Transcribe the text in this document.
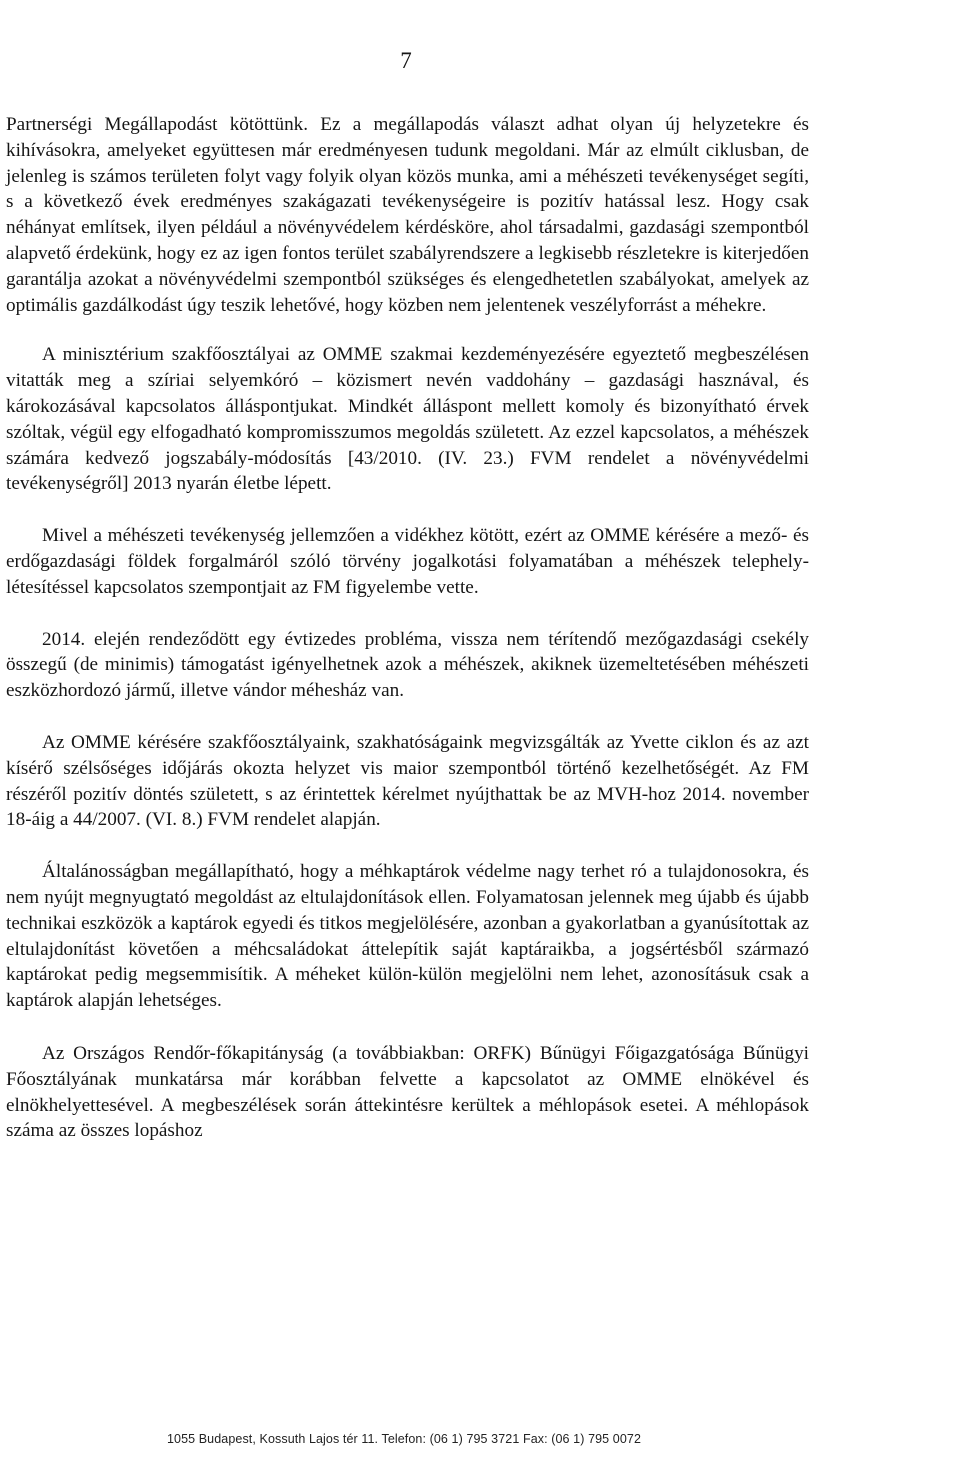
7

Partnerségi Megállapodást kötöttünk. Ez a megállapodás választ adhat olyan új helyzetekre és kihívásokra, amelyeket együttesen már eredményesen tudunk megoldani. Már az elmúlt ciklusban, de jelenleg is számos területen folyt vagy folyik olyan közös munka, ami a méhészeti tevékenységet segíti, s a következő évek eredményes szakágazati tevékenységeire is pozitív hatással lesz. Hogy csak néhányat említsek, ilyen például a növényvédelem kérdésköre, ahol társadalmi, gazdasági szempontból alapvető érdekünk, hogy ez az igen fontos terület szabályrendszere a legkisebb részletekre is kiterjedően garantálja azokat a növényvédelmi szempontból szükséges és elengedhetetlen szabályokat, amelyek az optimális gazdálkodást úgy teszik lehetővé, hogy közben nem jelentenek veszélyforrást a méhekre.

A minisztérium szakfőosztályai az OMME szakmai kezdeményezésére egyeztető megbeszélésen vitatták meg a szíriai selyemkóró – közismert nevén vaddohány – gazdasági hasznával, és károkozásával kapcsolatos álláspontjukat. Mindkét álláspont mellett komoly és bizonyítható érvek szóltak, végül egy elfogadható kompromisszumos megoldás született. Az ezzel kapcsolatos, a méhészek számára kedvező jogszabály-módosítás [43/2010. (IV. 23.) FVM rendelet a növényvédelmi tevékenységről] 2013 nyarán életbe lépett.

Mivel a méhészeti tevékenység jellemzően a vidékhez kötött, ezért az OMME kérésére a mező- és erdőgazdasági földek forgalmáról szóló törvény jogalkotási folyamatában a méhészek telephely-létesítéssel kapcsolatos szempontjait az FM figyelembe vette.

2014. elején rendeződött egy évtizedes probléma, vissza nem térítendő mezőgazdasági csekély összegű (de minimis) támogatást igényelhetnek azok a méhészek, akiknek üzemeltetésében méhészeti eszközhordozó jármű, illetve vándor méhesház van.

Az OMME kérésére szakfőosztályaink, szakhatóságaink megvizsgálták az Yvette ciklon és az azt kísérő szélsőséges időjárás okozta helyzet vis maior szempontból történő kezelhetőségét. Az FM részéről pozitív döntés született, s az érintettek kérelmet nyújthattak be az MVH-hoz 2014. november 18-áig a 44/2007. (VI. 8.) FVM rendelet alapján.

Általánosságban megállapítható, hogy a méhkaptárok védelme nagy terhet ró a tulajdonosokra, és nem nyújt megnyugtató megoldást az eltulajdonítások ellen. Folyamatosan jelennek meg újabb és újabb technikai eszközök a kaptárok egyedi és titkos megjelölésére, azonban a gyakorlatban a gyanúsítottak az eltulajdonítást követően a méhcsaládokat áttelepítik saját kaptáraikba, a jogsértésből származó kaptárokat pedig megsemmisítik. A méheket külön-külön megjelölni nem lehet, azonosításuk csak a kaptárok alapján lehetséges.

Az Országos Rendőr-főkapitányság (a továbbiakban: ORFK) Bűnügyi Főigazgatósága Bűnügyi Főosztályának munkatársa már korábban felvette a kapcsolatot az OMME elnökével és elnökhelyettesével. A megbeszélések során áttekintésre kerültek a méhlopások esetei. A méhlopások száma az összes lopáshoz

1055 Budapest, Kossuth Lajos tér 11. Telefon: (06 1) 795 3721 Fax: (06 1) 795 0072
